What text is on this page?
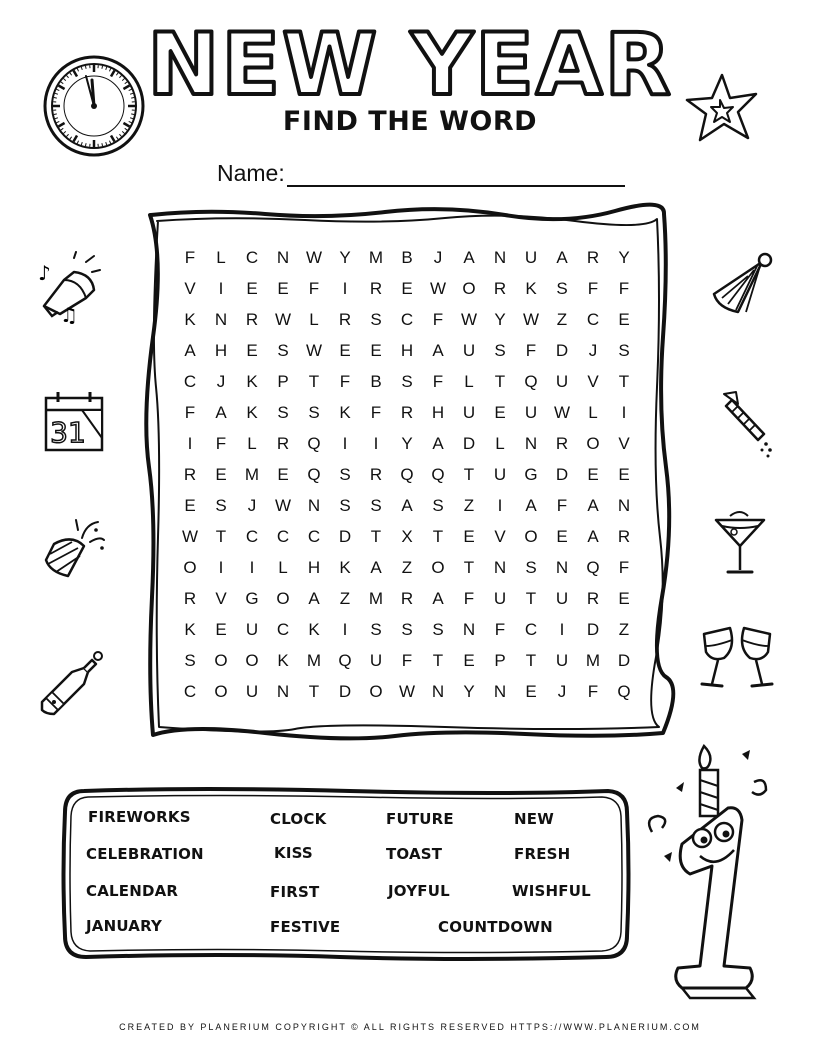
NEW YEAR
FIND THE WORD
Name:
F	L	C	N W	Y	M	B	J	A	N	U	A	R	Y
V	I	E	E	F	I	R	E	W O	R	K	S	F	F
K	N	R W	L	R	S	C	F	W	Y	W	Z	C	E
A	H	E	S	W	E	E	H	A	U	S	F	D	J	S
C	J	K	P	T	F	B	S	F	L	T	Q	U	V	T
F	A	K	S	S	K	F	R	H	U	E	U W	L	I
I	F	L	R	Q	I	I	Y	A	D	L	N	R	O	V
R	E	M	E	Q	S	R	Q	Q	T	U	G	D	E	E
E	S	J	W N	S	S	A	S	Z	I	A	F	A	N
W	T	C	C	C	D	T	X	T	E	V	O	E	A	R
O	I	I	L	H	K	A	Z	O	T	N	S	N	Q	F
R	V	G	O	A	Z	M	R	A	F	U	T	U	R	E
K	E	U	C	K	I	S	S	S	N	F	C	I	D	Z
S	O	O	K	M	Q	U	F	T	E	P	T	U	M	D
C	O	U	N	T	D	O W N	Y	N	E	J	F	Q
FIREWORKS	CLOCK	FUTURE	NEW
CELEBRATION	KISS	TOAST	FRESH
CALENDAR	FIRST	JOYFUL	WISHFUL
JANUARY	FESTIVE	COUNTDOWN
♪
♫
31
CREATED BY PLANERIUM COPYRIGHT © ALL RIGHTS RESERVED HTTPS://WWW.PLANERIUM.COM
